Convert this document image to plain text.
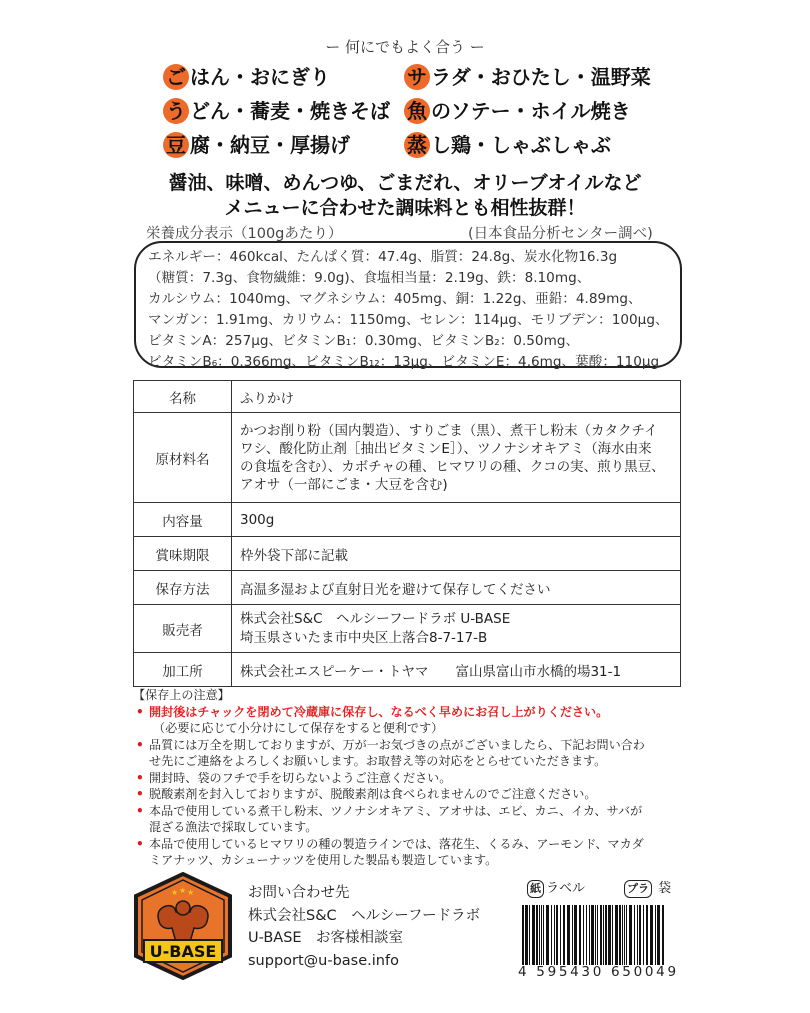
ー 何にでもよく合う ー
ご はん・おにぎり
う どん・蕎麦・焼きそば
豆 腐・納豆・厚揚げ
サ ラダ・おひたし・温野菜
魚 のソテー・ホイル焼き
蒸 し鶏・しゃぶしゃぶ
醤油、味噌、めんつゆ、ごまだれ、オリーブオイルなど
メニューに合わせた調味料とも相性抜群！
栄養成分表示（100gあたり）	(日本食品分析センター調べ)
エネルギー：460kcal、たんぱく質：47.4g、脂質：24.8g、炭水化物16.3g
（糖質：7.3g、食物繊維：9.0g)、食塩相当量：2.19g、鉄：8.10mg、
カルシウム：1040mg、マグネシウム：405mg、銅：1.22g、亜鉛：4.89mg、
マンガン：1.91mg、カリウム：1150mg、セレン：114μg、モリブデン：100μg、
ビタミンA：257μg、ビタミンB₁：0.30mg、ビタミンB₂：0.50mg、
ビタミンB₆：0.366mg、ビタミンB₁₂：13μg、ビタミンE：4.6mg、葉酸：110μg
名称	ふりかけ
原材料名	かつお削り粉（国内製造）、すりごま（黒）、煮干し粉末（カタクチイ
ワシ、酸化防止剤［抽出ビタミンE］）、ツノナシオキアミ（海水由来
の食塩を含む）、カボチャの種、ヒマワリの種、クコの実、煎り黒豆、
アオサ（一部にごま・大豆を含む)

内容量	300g
賞味期限	枠外袋下部に記載
保存方法	高温多湿および直射日光を避けて保存してください
販売者	株式会社S&C　ヘルシーフードラボ U-BASE
埼玉県さいたま市中央区上落合8-7-17-B

加工所	株式会社エスピーケー・トヤマ　　富山県富山市水橋的場31-1
【保存上の注意】
• 開封後はチャックを閉めて冷蔵庫に保存し、なるべく早めにお召し上がりください。
（必要に応じて小分けにして保存をすると便利です）
• 品質には万全を期しておりますが、万が一お気づきの点がございましたら、下記お問い合わ
せ先にご連絡をよろしくお願いします。お取替え等の対応をとらせていただきます。
• 開封時、袋のフチで手を切らないようご注意ください。
• 脱酸素剤を封入しておりますが、脱酸素剤は食べられませんのでご注意ください。
• 本品で使用している煮干し粉末、ツノナシオキアミ、アオサは、エビ、カニ、イカ、サバが
混ざる漁法で採取しています。
• 本品で使用しているヒマワリの種の製造ラインでは、落花生、くるみ、アーモンド、マカダ
ミアナッツ、カシューナッツを使用した製品も製造しています。
★ ★ ★
U-BASE
お問い合わせ先
株式会社S&C　ヘルシーフードラボ
U-BASE　お客様相談室
support@u-base.info
紙 ラベル	プラ 袋
4 595430 650049
